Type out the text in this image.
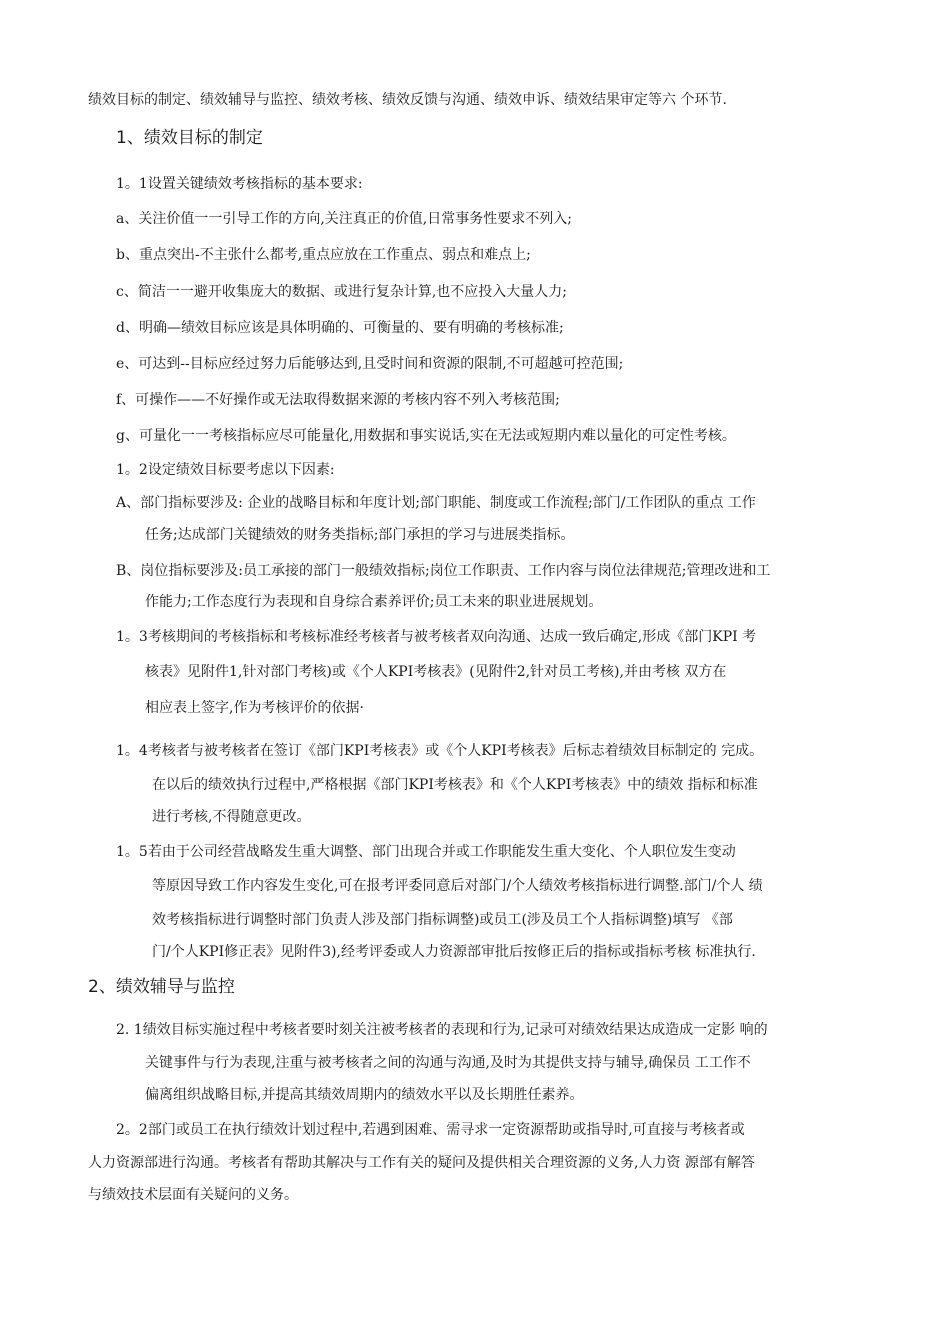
绩效目标的制定、绩效辅导与监控、绩效考核、绩效反馈与沟通、绩效申诉、绩效结果审定等六 个环节.
1、绩效目标的制定
1。1设置关键绩效考核指标的基本要求:
a、关注价值一一引导工作的方向,关注真正的价值,日常事务性要求不列入;
b、重点突出-不主张什么都考,重点应放在工作重点、弱点和难点上;
c、简洁一一避开收集庞大的数据、或进行复杂计算,也不应投入大量人力;
d、明确—绩效目标应该是具体明确的、可衡量的、要有明确的考核标准;
e、可达到--目标应经过努力后能够达到,且受时间和资源的限制,不可超越可控范围;
f、可操作——不好操作或无法取得数据来源的考核内容不列入考核范围;
g、可量化一一考核指标应尽可能量化,用数据和事实说话,实在无法或短期内难以量化的可定性考核。
1。2设定绩效目标要考虑以下因素:
A、部门指标要涉及: 企业的战略目标和年度计划;部门职能、制度或工作流程;部门/工作团队的重点 工作
任务;达成部门关键绩效的财务类指标;部门承担的学习与进展类指标。
B、岗位指标要涉及:员工承接的部门一般绩效指标;岗位工作职责、工作内容与岗位法律规范;管理改进和工
作能力;工作态度行为表现和自身综合素养评价;员工未来的职业进展规划。
1。3考核期间的考核指标和考核标准经考核者与被考核者双向沟通、达成一致后确定,形成《部门KPI 考
核表》见附件1,针对部门考核)或《个人KPI考核表》(见附件2,针对员工考核),并由考核 双方在
相应表上签字,作为考核评价的依据·
1。4考核者与被考核者在签订《部门KPI考核表》或《个人KPI考核表》后标志着绩效目标制定的 完成。
在以后的绩效执行过程中,严格根据《部门KPI考核表》和《个人KPI考核表》中的绩效 指标和标准
进行考核,不得随意更改。
1。5若由于公司经营战略发生重大调整、部门出现合并或工作职能发生重大变化、个人职位发生变动
等原因导致工作内容发生变化,可在报考评委同意后对部门/个人绩效考核指标进行调整.部门/个人 绩
效考核指标进行调整时部门负责人涉及部门指标调整)或员工(涉及员工个人指标调整)填写 《部
门/个人KPI修正表》见附件3),经考评委或人力资源部审批后按修正后的指标或指标考核 标准执行.
2、绩效辅导与监控
2. 1绩效目标实施过程中考核者要时刻关注被考核者的表现和行为,记录可对绩效结果达成造成一定影 响的
关键事件与行为表现,注重与被考核者之间的沟通与沟通,及时为其提供支持与辅导,确保员 工工作不
偏离组织战略目标,并提高其绩效周期内的绩效水平以及长期胜任素养。
2。2部门或员工在执行绩效计划过程中,若遇到困难、需寻求一定资源帮助或指导时,可直接与考核者或
人力资源部进行沟通。考核者有帮助其解决与工作有关的疑问及提供相关合理资源的义务,人力资 源部有解答
与绩效技术层面有关疑问的义务。
